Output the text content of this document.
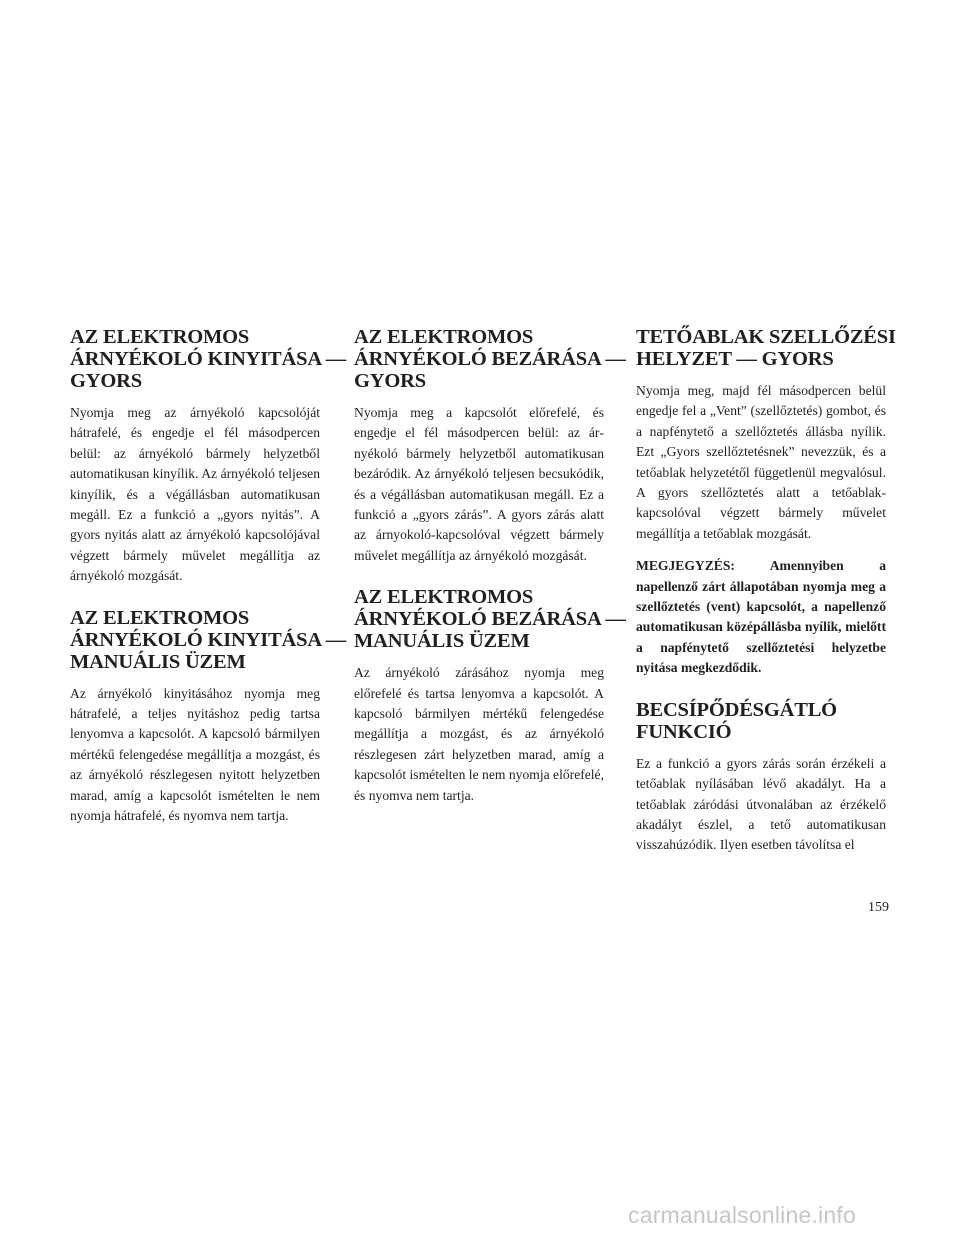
AZ ELEKTROMOS
ÁRNYÉKOLÓ KINYITÁSA —
GYORS

Nyomja meg az árnyékoló kapcsolóját hátrafelé, és engedje el fél másodpercen belül: az árnyékoló bármely helyzetből automatikusan kinyílik. Az árnyékoló teljesen kinyílik, és a végállásban automatikusan megáll. Ez a funkció a „gyors nyitás”. A gyors nyitás alatt az árnyékoló kapcsolójával végzett bármely művelet megállítja az árnyékoló mozgását.

AZ ELEKTROMOS
ÁRNYÉKOLÓ KINYITÁSA —
MANUÁLIS ÜZEM

Az árnyékoló kinyitásához nyomja meg hátrafelé, a teljes nyitáshoz pedig tartsa lenyomva a kapcsolót. A kapcsoló bármilyen mértékű felengedése megállítja a mozgást, és az árnyékoló részlegesen nyitott helyzetben marad, amíg a kapcsolót ismételten le nem nyomja hátrafelé, és nyomva nem tartja.

AZ ELEKTROMOS
ÁRNYÉKOLÓ BEZÁRÁSA —
GYORS

Nyomja meg a kapcsolót előrefelé, és engedje el fél másodpercen belül: az árnyékoló bármely helyzetből automatikusan bezáródik. Az árnyékoló teljesen becsukódik, és a végállásban automatikusan megáll. Ez a funkció a „gyors zárás”. A gyors zárás alatt az árnyokoló-kapcsolóval végzett bármely művelet megállítja az árnyékoló mozgását.

AZ ELEKTROMOS
ÁRNYÉKOLÓ BEZÁRÁSA —
MANUÁLIS ÜZEM

Az árnyékoló zárásához nyomja meg előrefelé és tartsa lenyomva a kapcsolót. A kapcsoló bármilyen mértékű felengedése megállítja a mozgást, és az árnyékoló részlegesen zárt helyzetben marad, amíg a kapcsolót ismételten le nem nyomja előrefelé, és nyomva nem tartja.

TETŐABLAK SZELLŐZÉSI
HELYZET — GYORS

Nyomja meg, majd fél másodpercen belül engedje fel a „Vent” (szellőztetés) gombot, és a napfénytető a szellőztetés állásba nyílik. Ezt „Gyors szellőztetésnek” nevezzük, és a tetőablak helyzetétől függetlenül megvalósul. A gyors szellőztetés alatt a tetőablak-kapcsolóval végzett bármely művelet megállítja a tetőablak mozgását.

MEGJEGYZÉS: Amennyiben a napellenző zárt állapotában nyomja meg a szellőztetés (vent) kapcsolót, a napellenző automatikusan középállásba nyílik, mielőtt a napfénytető szellőztetési helyzetbe nyitása megkezdődik.

BECSÍPŐDÉSGÁTLÓ
FUNKCIÓ

Ez a funkció a gyors zárás során érzékeli a tetőablak nyílásában lévő akadályt. Ha a tetőablak záródási útvonalában az érzékelő akadályt észlel, a tető automatikusan visszahúzódik. Ilyen esetben távolítsa el

159
carmanualsonline.info
